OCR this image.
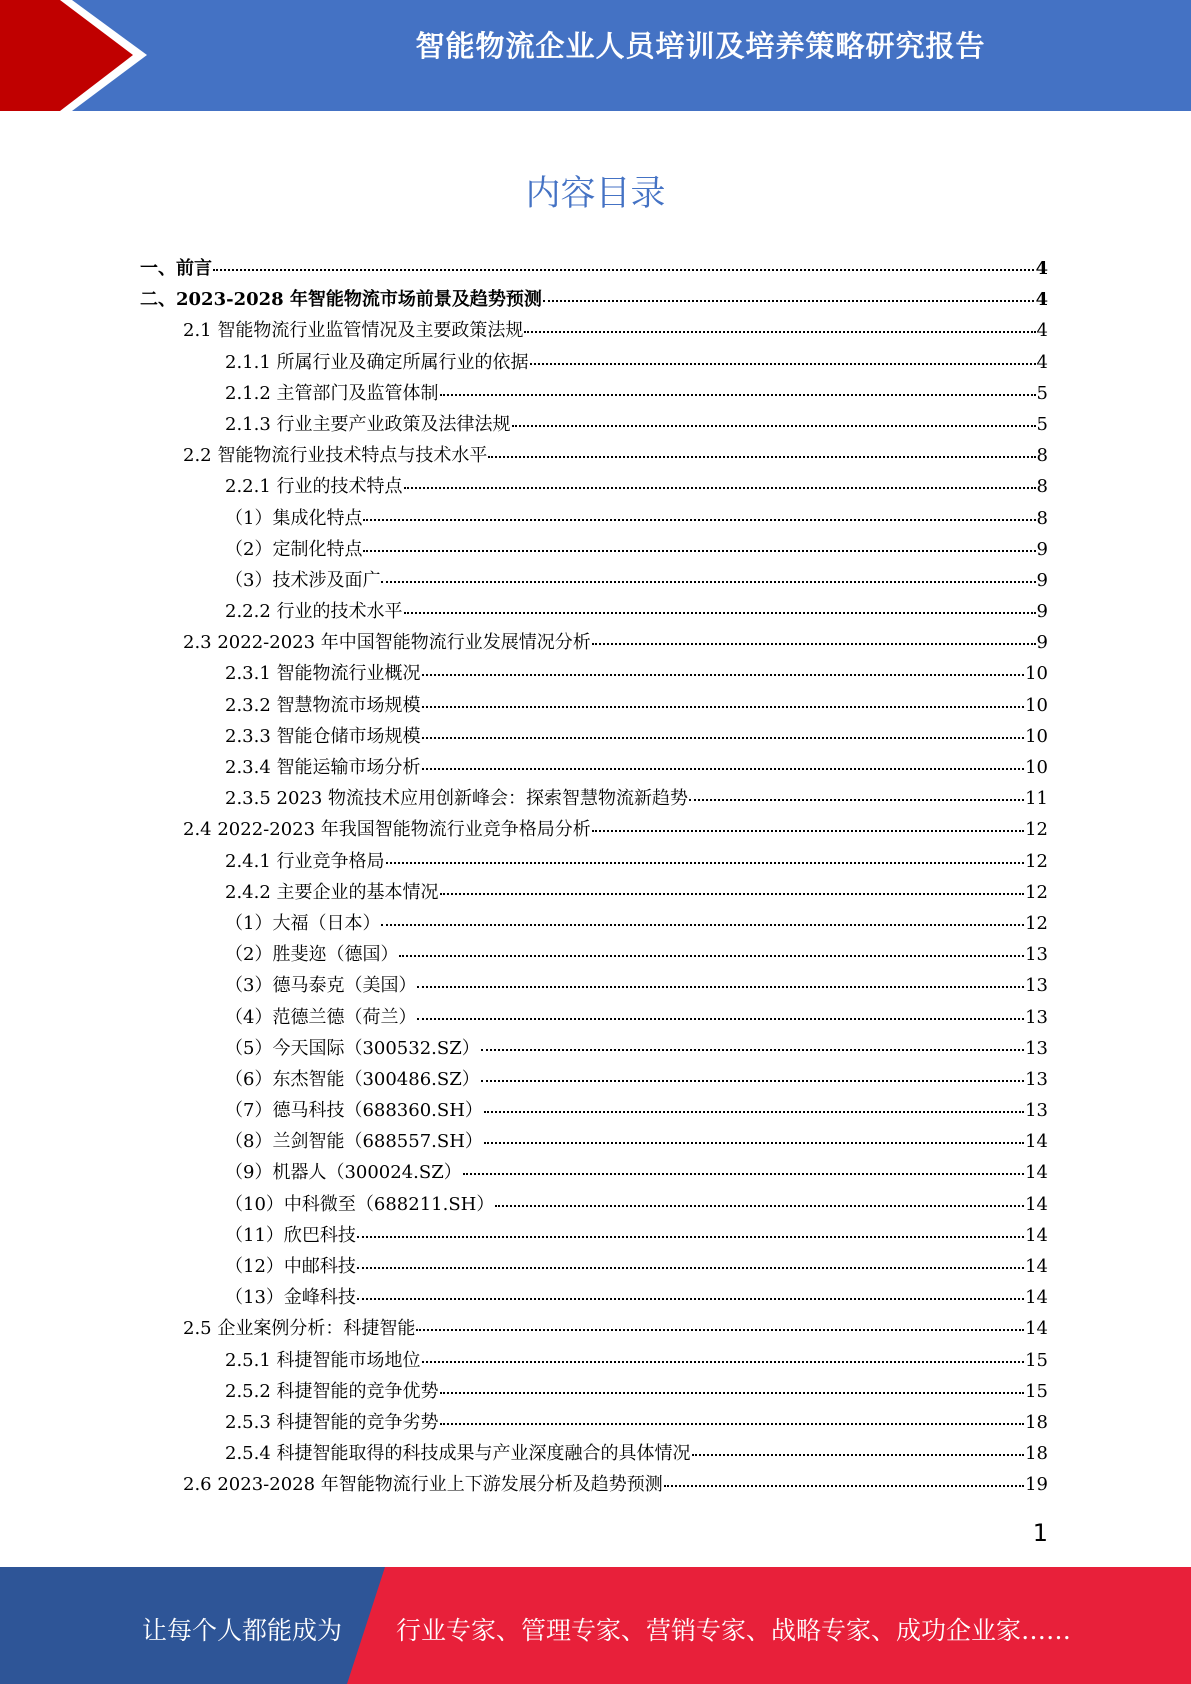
智能物流企业人员培训及培养策略研究报告
内容目录
一、前言	4
二、2023-2028 年智能物流市场前景及趋势预测	4
2.1 智能物流行业监管情况及主要政策法规	4
2.1.1 所属行业及确定所属行业的依据	4
2.1.2 主管部门及监管体制	5
2.1.3 行业主要产业政策及法律法规	5
2.2 智能物流行业技术特点与技术水平	8
2.2.1 行业的技术特点	8
（1）集成化特点	8
（2）定制化特点	9
（3）技术涉及面广	9
2.2.2 行业的技术水平	9
2.3 2022-2023 年中国智能物流行业发展情况分析	9
2.3.1 智能物流行业概况	10
2.3.2 智慧物流市场规模	10
2.3.3 智能仓储市场规模	10
2.3.4 智能运输市场分析	10
2.3.5 2023 物流技术应用创新峰会：探索智慧物流新趋势	11
2.4 2022-2023 年我国智能物流行业竞争格局分析	12
2.4.1 行业竞争格局	12
2.4.2 主要企业的基本情况	12
（1）大福（日本）	12
（2）胜斐迩（德国）	13
（3）德马泰克（美国）	13
（4）范德兰德（荷兰）	13
（5）今天国际（300532.SZ）	13
（6）东杰智能（300486.SZ）	13
（7）德马科技（688360.SH）	13
（8）兰剑智能（688557.SH）	14
（9）机器人（300024.SZ）	14
（10）中科微至（688211.SH）	14
（11）欣巴科技	14
（12）中邮科技	14
（13）金峰科技	14
2.5 企业案例分析：科捷智能	14
2.5.1 科捷智能市场地位	15
2.5.2 科捷智能的竞争优势	15
2.5.3 科捷智能的竞争劣势	18
2.5.4 科捷智能取得的科技成果与产业深度融合的具体情况	18
2.6 2023-2028 年智能物流行业上下游发展分析及趋势预测	19
1
让每个人都能成为 行业专家、管理专家、营销专家、战略专家、成功企业家……
